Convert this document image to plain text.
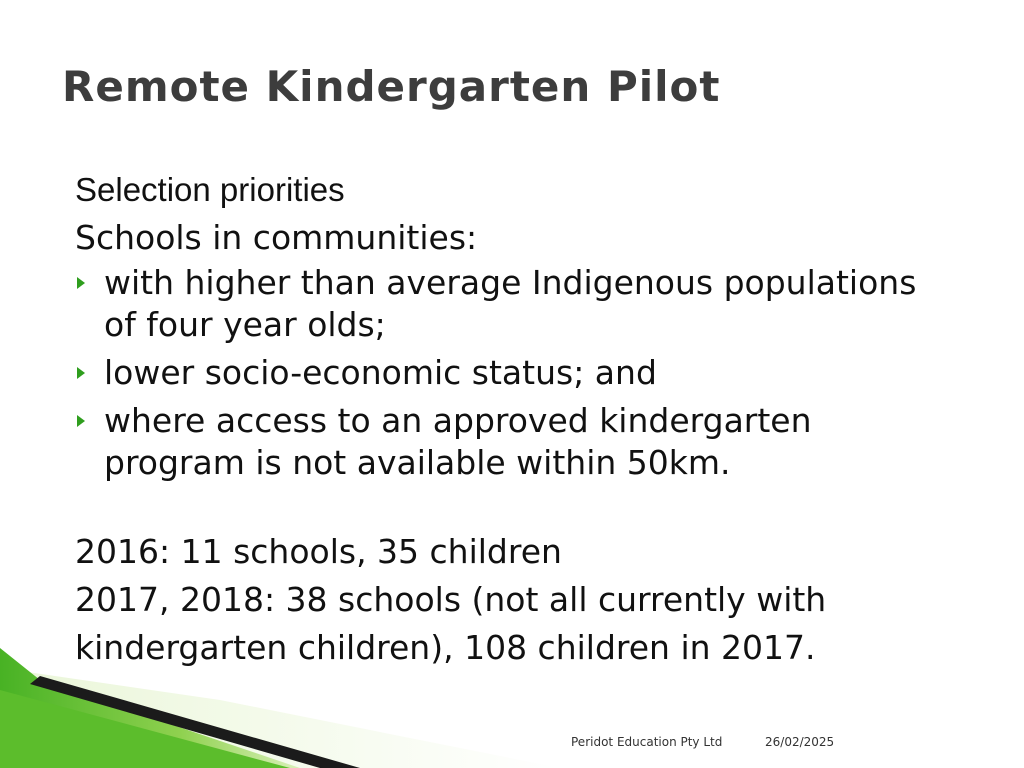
Remote Kindergarten Pilot

Selection priorities

Schools in communities:

with higher than average Indigenous populations of four year olds;
lower socio-economic status; and
where access to an approved kindergarten program is not available within 50km.

2016: 11 schools, 35 children

2017, 2018: 38 schools (not all currently with kindergarten children), 108 children in 2017.

Peridot Education Pty Ltd	26/02/2025
